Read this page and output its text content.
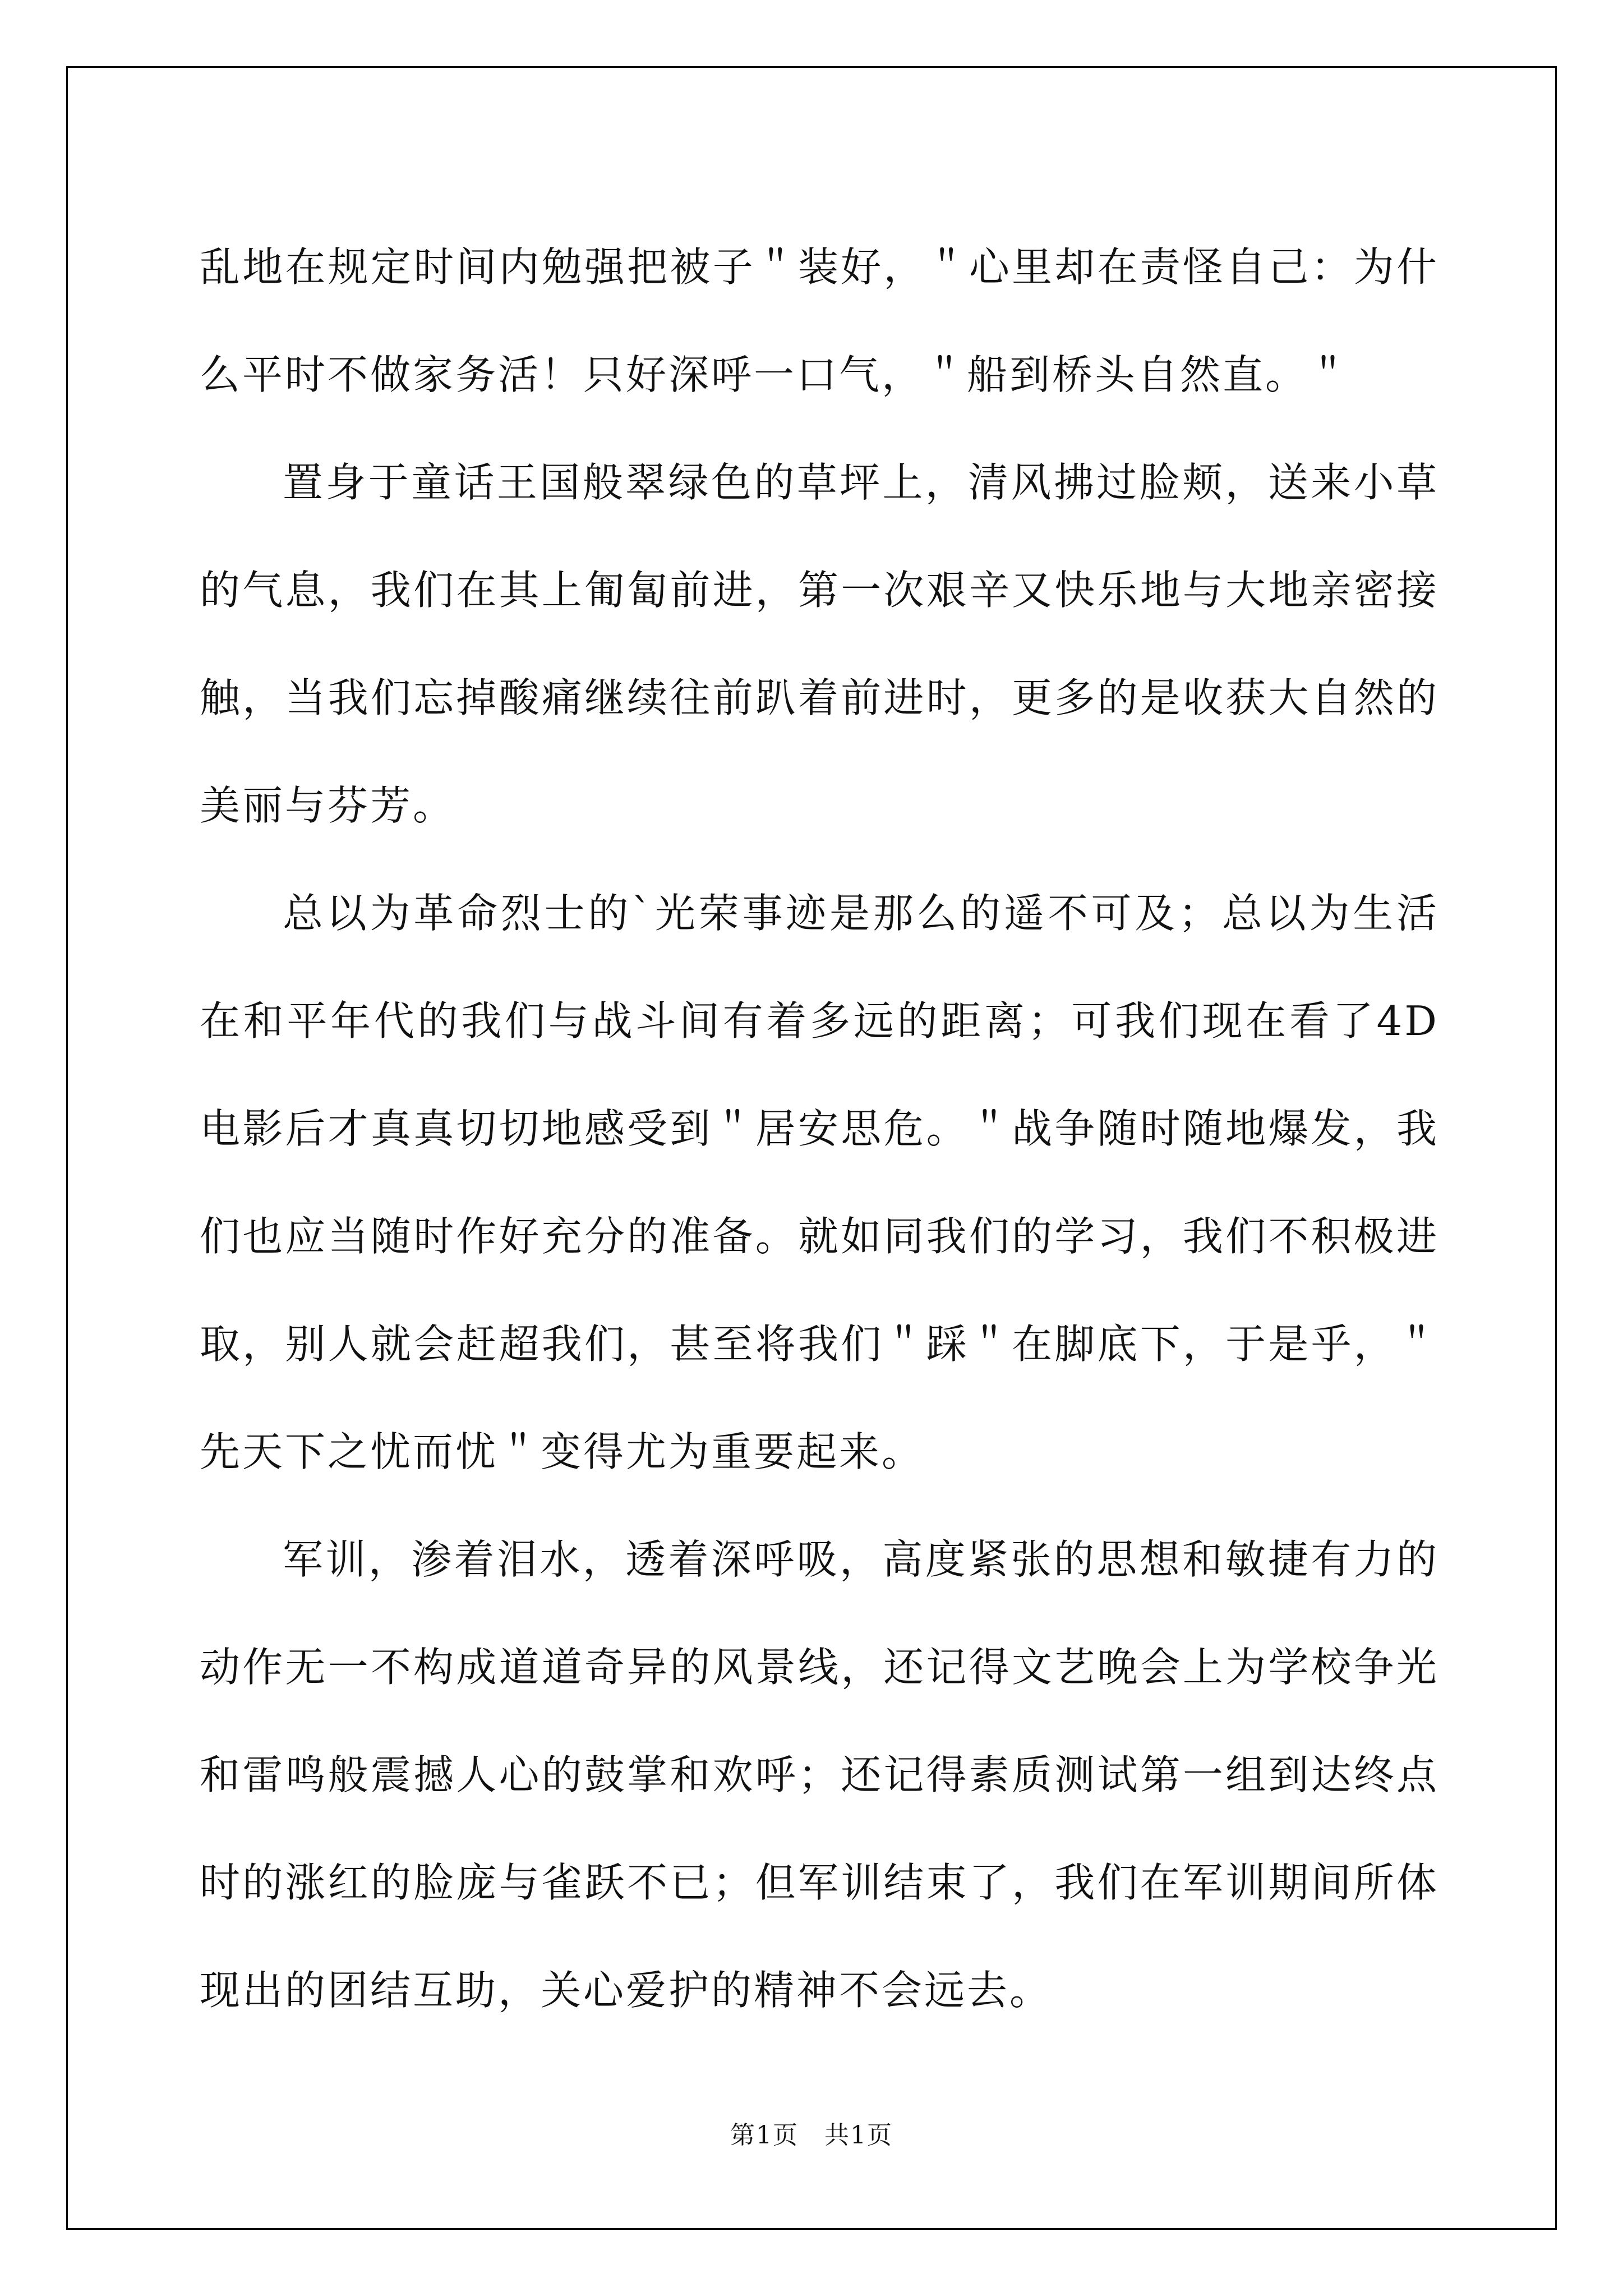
乱地在规定时间内勉强把被子＂装好，＂心里却在责怪自己：为什么平时不做家务活！只好深呼一口气，＂船到桥头自然直。＂

置身于童话王国般翠绿色的草坪上，清风拂过脸颊，送来小草的气息，我们在其上匍匐前进，第一次艰辛又快乐地与大地亲密接触，当我们忘掉酸痛继续往前趴着前进时，更多的是收获大自然的美丽与芬芳。

总以为革命烈士的`光荣事迹是那么的遥不可及；总以为生活在和平年代的我们与战斗间有着多远的距离；可我们现在看了4D电影后才真真切切地感受到＂居安思危。＂战争随时随地爆发，我们也应当随时作好充分的准备。就如同我们的学习，我们不积极进取，别人就会赶超我们，甚至将我们＂踩＂在脚底下，于是乎，＂先天下之忧而忧＂变得尤为重要起来。

军训，渗着泪水，透着深呼吸，高度紧张的思想和敏捷有力的动作无一不构成道道奇异的风景线，还记得文艺晚会上为学校争光和雷鸣般震撼人心的鼓掌和欢呼；还记得素质测试第一组到达终点时的涨红的脸庞与雀跃不已；但军训结束了，我们在军训期间所体现出的团结互助，关心爱护的精神不会远去。

第1页　共1页
